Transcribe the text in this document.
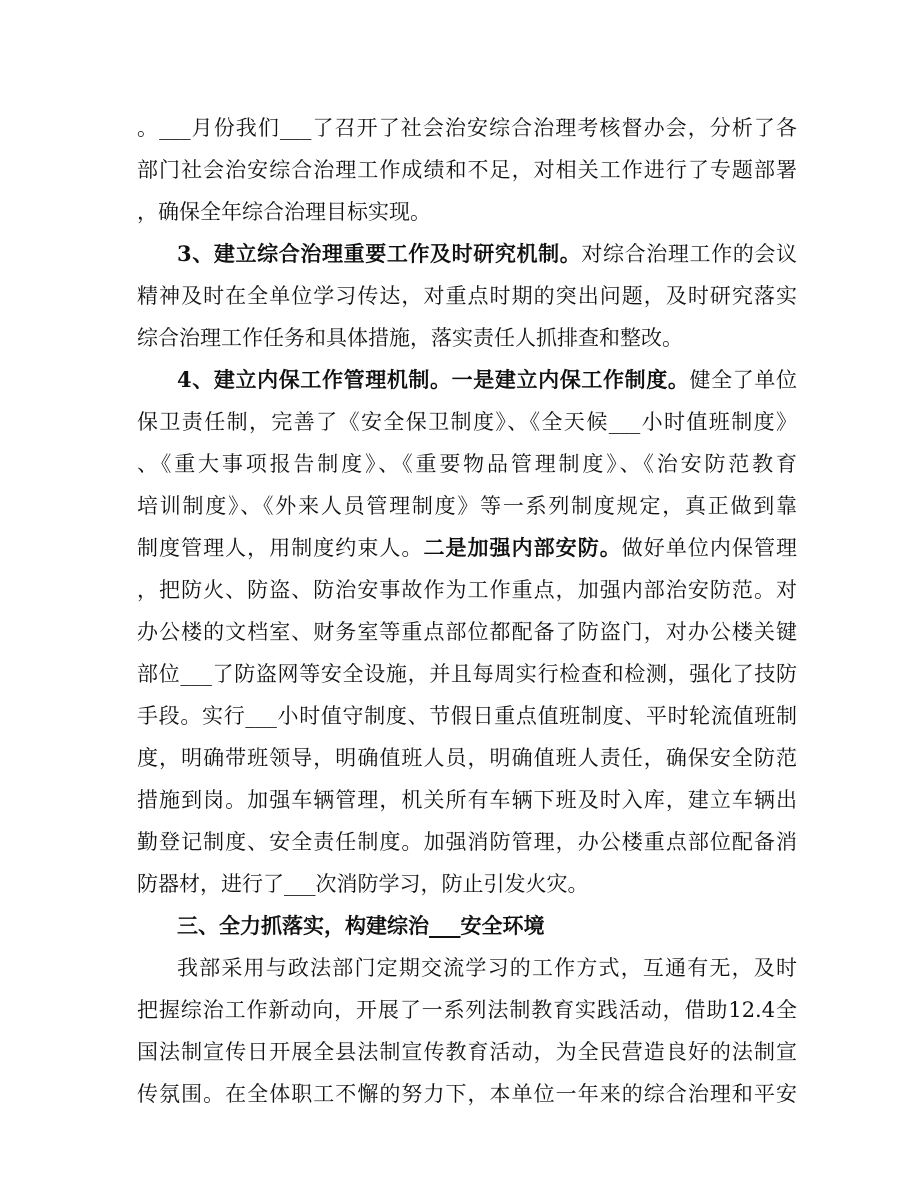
。___月份我们___了召开了社会治安综合治理考核督办会，分析了各
部门社会治安综合治理工作成绩和不足，对相关工作进行了专题部署
，确保全年综合治理目标实现。
3、建立综合治理重要工作及时研究机制。对综合治理工作的会议
精神及时在全单位学习传达，对重点时期的突出问题，及时研究落实
综合治理工作任务和具体措施，落实责任人抓排查和整改。
4、建立内保工作管理机制。一是建立内保工作制度。健全了单位
保卫责任制，完善了《安全保卫制度》、《全天候___小时值班制度》
、《重大事项报告制度》、《重要物品管理制度》、《治安防范教育
培训制度》、《外来人员管理制度》等一系列制度规定，真正做到靠
制度管理人，用制度约束人。二是加强内部安防。做好单位内保管理
，把防火、防盗、防治安事故作为工作重点，加强内部治安防范。对
办公楼的文档室、财务室等重点部位都配备了防盗门，对办公楼关键
部位___了防盗网等安全设施，并且每周实行检查和检测，强化了技防
手段。实行___小时值守制度、节假日重点值班制度、平时轮流值班制
度，明确带班领导，明确值班人员，明确值班人责任，确保安全防范
措施到岗。加强车辆管理，机关所有车辆下班及时入库，建立车辆出
勤登记制度、安全责任制度。加强消防管理，办公楼重点部位配备消
防器材，进行了___次消防学习，防止引发火灾。
三、全力抓落实，构建综治___安全环境
我部采用与政法部门定期交流学习的工作方式，互通有无，及时
把握综治工作新动向，开展了一系列法制教育实践活动，借助12.4全
国法制宣传日开展全县法制宣传教育活动，为全民营造良好的法制宣
传氛围。在全体职工不懈的努力下，本单位一年来的综合治理和平安
